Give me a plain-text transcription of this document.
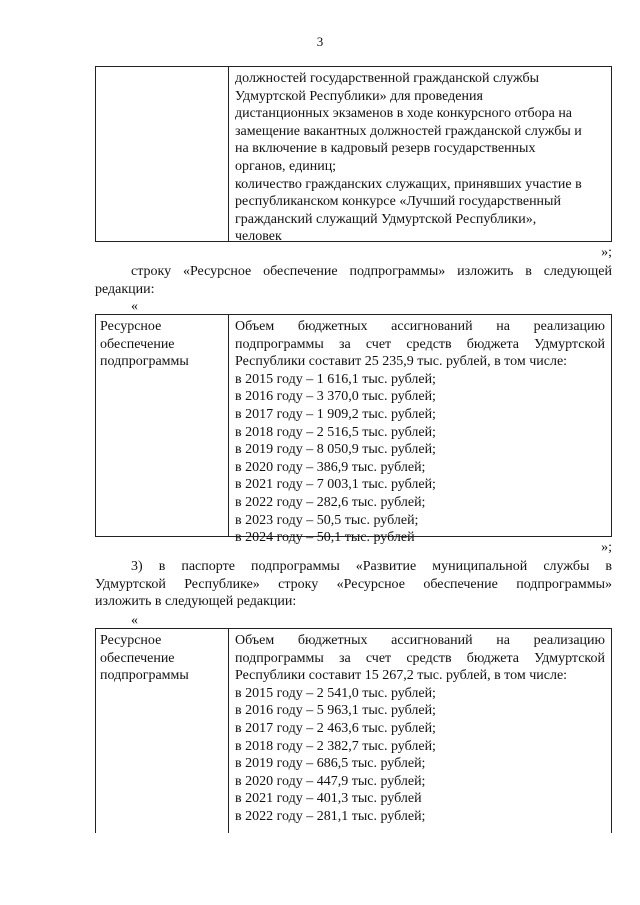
3
должностей государственной гражданской службы
Удмуртской Республики» для проведения
дистанционных экзаменов в ходе конкурсного отбора на
замещение вакантных должностей гражданской службы и
на включение в кадровый резерв государственных
органов, единиц;
количество гражданских служащих, принявших участие в
республиканском конкурсе «Лучший государственный
гражданский служащий Удмуртской Республики»,
человек
»;
строку «Ресурсное обеспечение подпрограммы» изложить в следующей
редакции:
«
Ресурсное
обеспечение
подпрограммы
Объем бюджетных ассигнований на реализацию
подпрограммы за счет средств бюджета Удмуртской
Республики составит 25 235,9 тыс. рублей, в том числе:
в 2015 году – 1 616,1 тыс. рублей;
в 2016 году – 3 370,0 тыс. рублей;
в 2017 году – 1 909,2 тыс. рублей;
в 2018 году – 2 516,5 тыс. рублей;
в 2019 году – 8 050,9 тыс. рублей;
в 2020 году – 386,9 тыс. рублей;
в 2021 году – 7 003,1 тыс. рублей;
в 2022 году – 282,6 тыс. рублей;
в 2023 году – 50,5 тыс. рублей;
в 2024 году – 50,1 тыс. рублей
»;
3) в паспорте подпрограммы «Развитие муниципальной службы в
Удмуртской Республике» строку «Ресурсное обеспечение подпрограммы»
изложить в следующей редакции:
«
Ресурсное
обеспечение
подпрограммы
Объем бюджетных ассигнований на реализацию
подпрограммы за счет средств бюджета Удмуртской
Республики составит 15 267,2 тыс. рублей, в том числе:
в 2015 году – 2 541,0 тыс. рублей;
в 2016 году – 5 963,1 тыс. рублей;
в 2017 году – 2 463,6 тыс. рублей;
в 2018 году – 2 382,7 тыс. рублей;
в 2019 году – 686,5 тыс. рублей;
в 2020 году – 447,9 тыс. рублей;
в 2021 году – 401,3 тыс. рублей
в 2022 году – 281,1 тыс. рублей;
